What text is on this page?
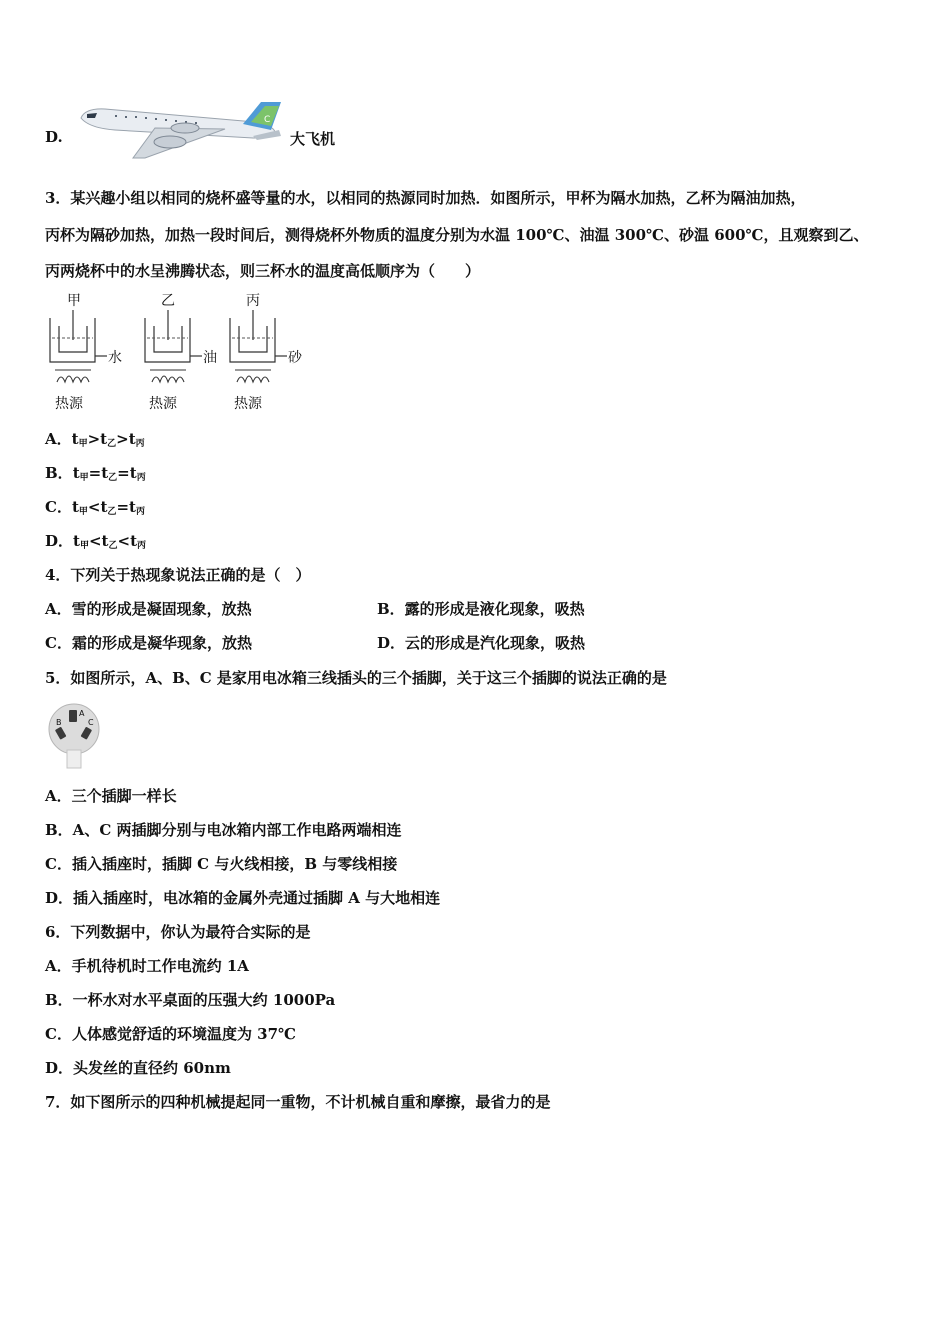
D.
C
大飞机
3．某兴趣小组以相同的烧杯盛等量的水，以相同的热源同时加热．如图所示，甲杯为隔水加热，乙杯为隔油加热，
丙杯为隔砂加热，加热一段时间后，测得烧杯外物质的温度分别为水温 100℃、油温 300℃、砂温 600℃，且观察到乙、
丙两烧杯中的水呈沸腾状态，则三杯水的温度高低顺序为（　　）
甲	乙	丙
水	油	砂
热源	热源	热源
A．$t_甲>t_乙>t_丙$
B．$t_甲=t_乙=t_丙$
C．$t_甲<t_乙=t_丙$
D．$t_甲<t_乙<t_丙$
4．下列关于热现象说法正确的是（　）
A．雪的形成是凝固现象，放热	B．露的形成是液化现象，吸热
C．霜的形成是凝华现象，放热	D．云的形成是汽化现象，吸热
5．如图所示，A、B、C 是家用电冰箱三线插头的三个插脚，关于这三个插脚的说法正确的是
A
B	C
A．三个插脚一样长
B．A、C 两插脚分别与电冰箱内部工作电路两端相连
C．插入插座时，插脚 C 与火线相接，B 与零线相接
D．插入插座时，电冰箱的金属外壳通过插脚 A 与大地相连
6．下列数据中，你认为最符合实际的是
A．手机待机时工作电流约 1A
B．一杯水对水平桌面的压强大约 1000Pa
C．人体感觉舒适的环境温度为 37℃
D．头发丝的直径约 60nm
7．如下图所示的四种机械提起同一重物，不计机械自重和摩擦，最省力的是
